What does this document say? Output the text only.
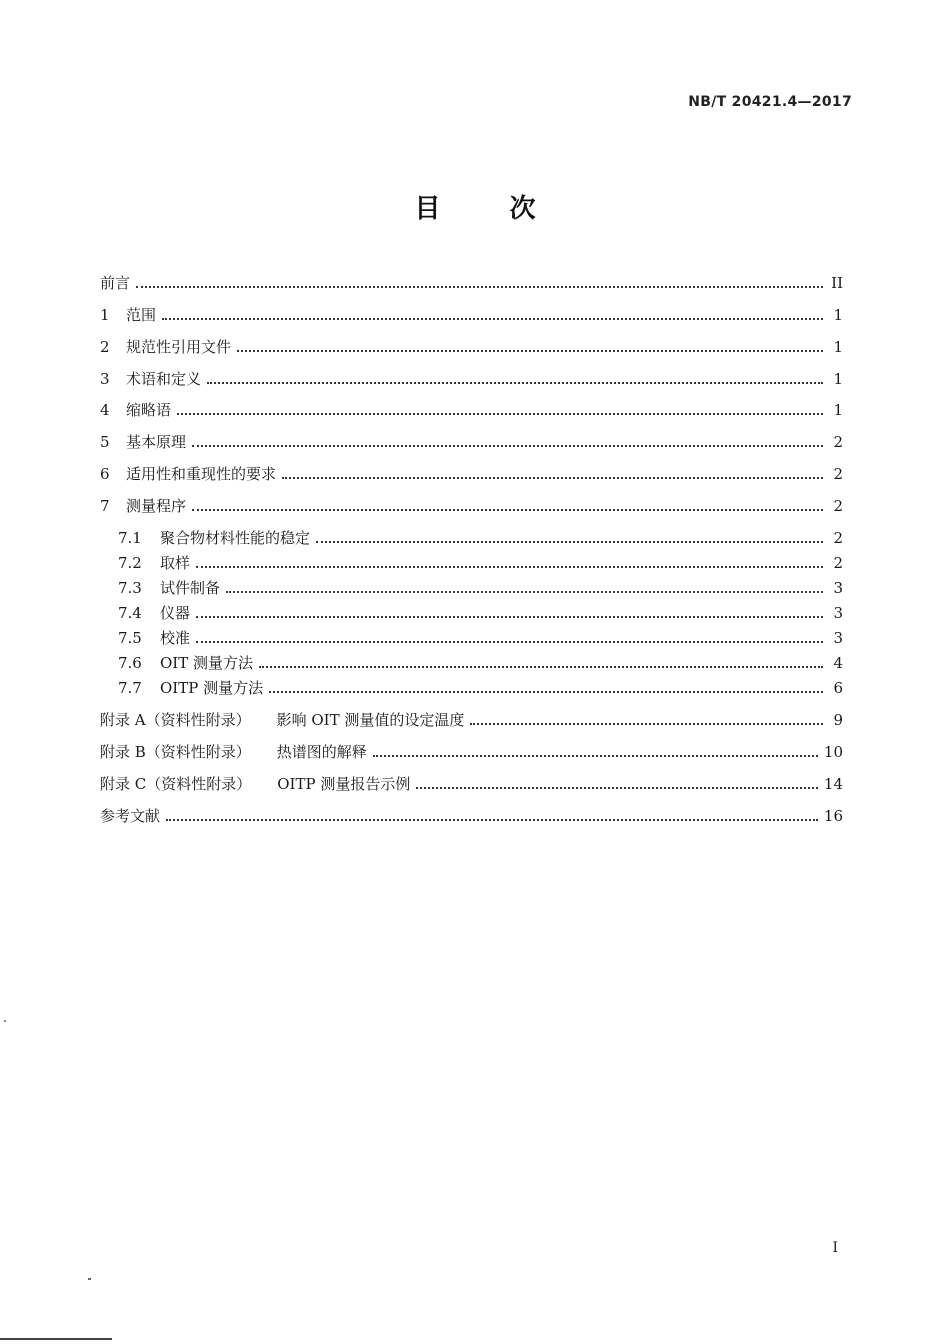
NB/T 20421.4—2017
目 次
前言	II
1	范围	1
2	规范性引用文件	1
3	术语和定义	1
4	缩略语	1
5	基本原理	2
6	适用性和重现性的要求	2
7	测量程序	2
7.1	聚合物材料性能的稳定	2
7.2	取样	2
7.3	试件制备	3
7.4	仪器	3
7.5	校准	3
7.6	OIT 测量方法	4
7.7	OITP 测量方法	6
附录 A（资料性附录） 影响 OIT 测量值的设定温度	9
附录 B（资料性附录） 热谱图的解释	10
附录 C（资料性附录） OITP 测量报告示例	14
参考文献	16
I
